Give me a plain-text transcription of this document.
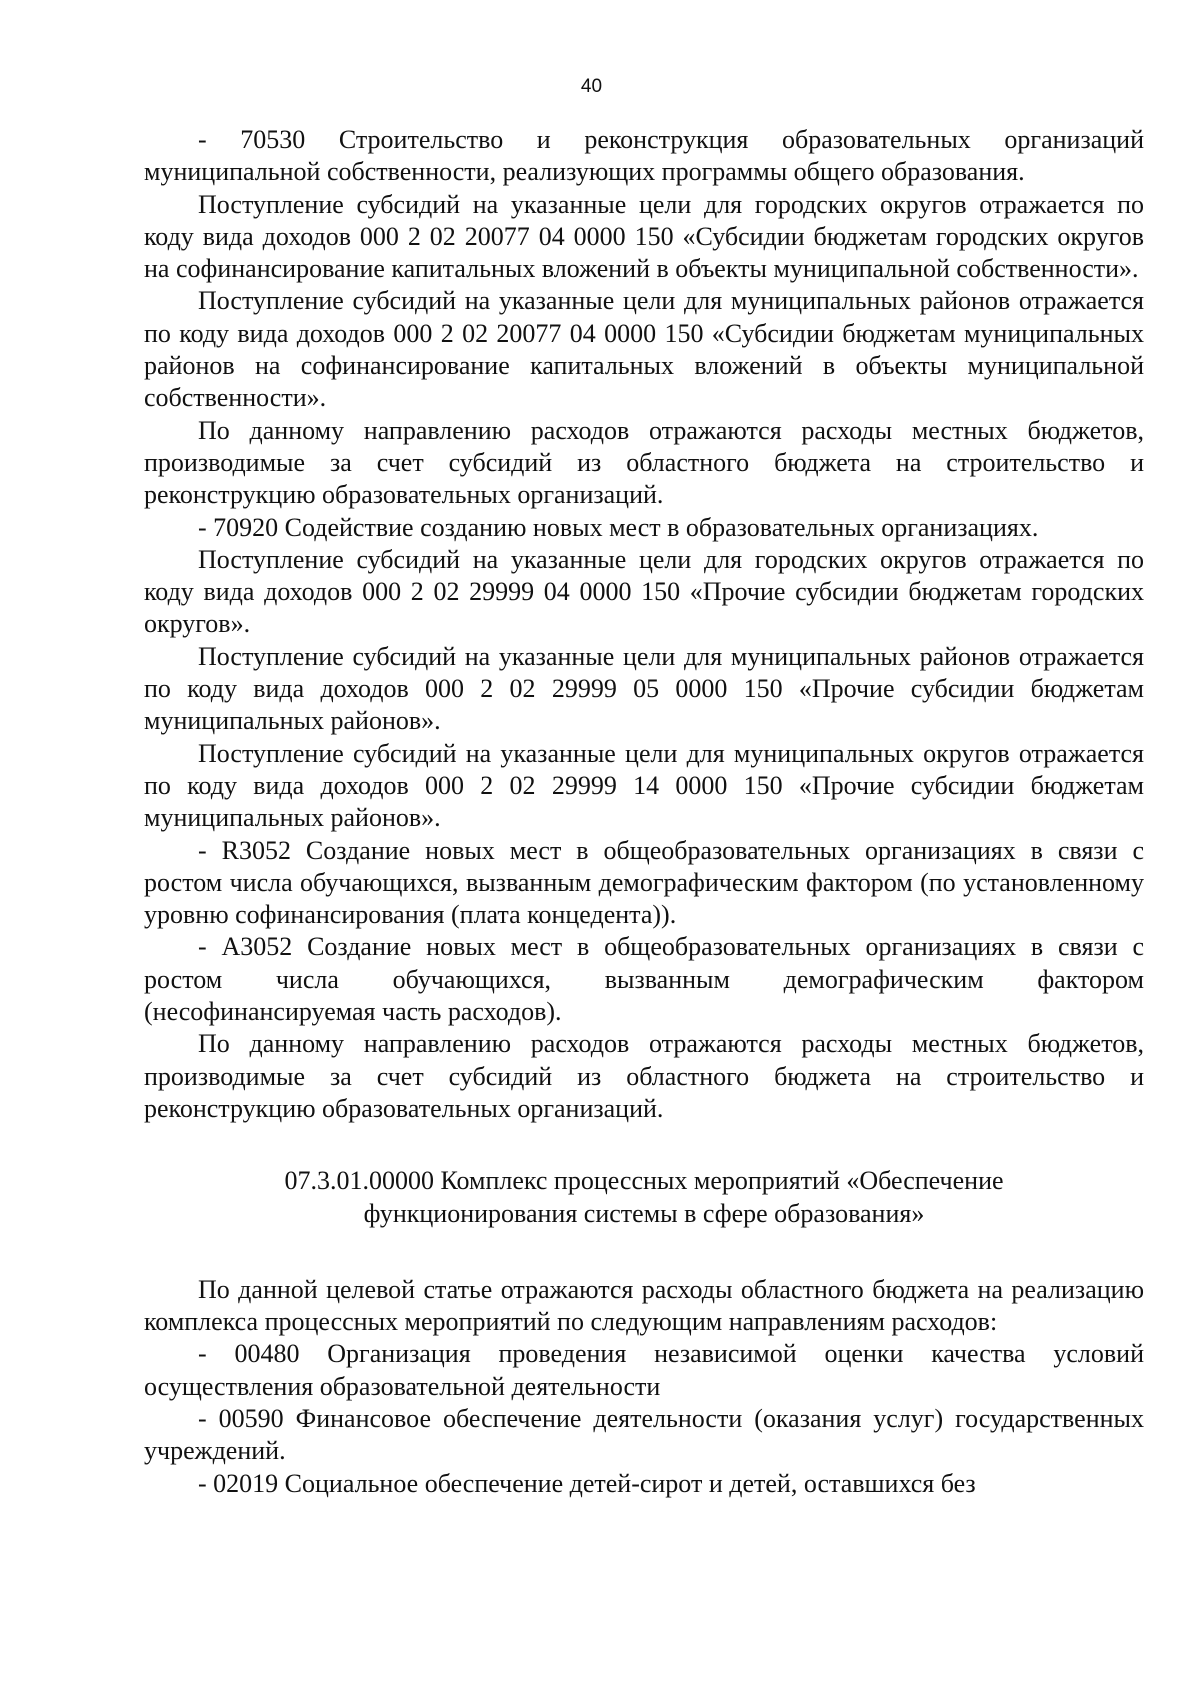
40

- 70530 Строительство и реконструкция образовательных организаций муниципальной собственности, реализующих программы общего образования.

Поступление субсидий на указанные цели для городских округов отражается по коду вида доходов 000 2 02 20077 04 0000 150 «Субсидии бюджетам городских округов на софинансирование капитальных вложений в объекты муниципальной собственности».

Поступление субсидий на указанные цели для муниципальных районов отражается по коду вида доходов 000 2 02 20077 04 0000 150 «Субсидии бюджетам муниципальных районов на софинансирование капитальных вложений в объекты муниципальной собственности».

По данному направлению расходов отражаются расходы местных бюджетов, производимые за счет субсидий из областного бюджета на строительство и реконструкцию образовательных организаций.

- 70920 Содействие созданию новых мест в образовательных организациях.

Поступление субсидий на указанные цели для городских округов отражается по коду вида доходов 000 2 02 29999 04 0000 150 «Прочие субсидии бюджетам городских округов».

Поступление субсидий на указанные цели для муниципальных районов отражается по коду вида доходов 000 2 02 29999 05 0000 150 «Прочие субсидии бюджетам муниципальных районов».

Поступление субсидий на указанные цели для муниципальных округов отражается по коду вида доходов 000 2 02 29999 14 0000 150 «Прочие субсидии бюджетам муниципальных районов».

- R3052 Создание новых мест в общеобразовательных организациях в связи с ростом числа обучающихся, вызванным демографическим фактором (по установленному уровню софинансирования (плата концедента)).

- А3052 Создание новых мест в общеобразовательных организациях в связи с ростом числа обучающихся, вызванным демографическим фактором (несофинансируемая часть расходов).

По данному направлению расходов отражаются расходы местных бюджетов, производимые за счет субсидий из областного бюджета на строительство и реконструкцию образовательных организаций.

07.3.01.00000 Комплекс процессных мероприятий «Обеспечение
функционирования системы в сфере образования»

По данной целевой статье отражаются расходы областного бюджета на реализацию комплекса процессных мероприятий по следующим направлениям расходов:

- 00480 Организация проведения независимой оценки качества условий осуществления образовательной деятельности

- 00590 Финансовое обеспечение деятельности (оказания услуг) государственных учреждений.

- 02019 Социальное обеспечение детей-сирот и детей, оставшихся без
